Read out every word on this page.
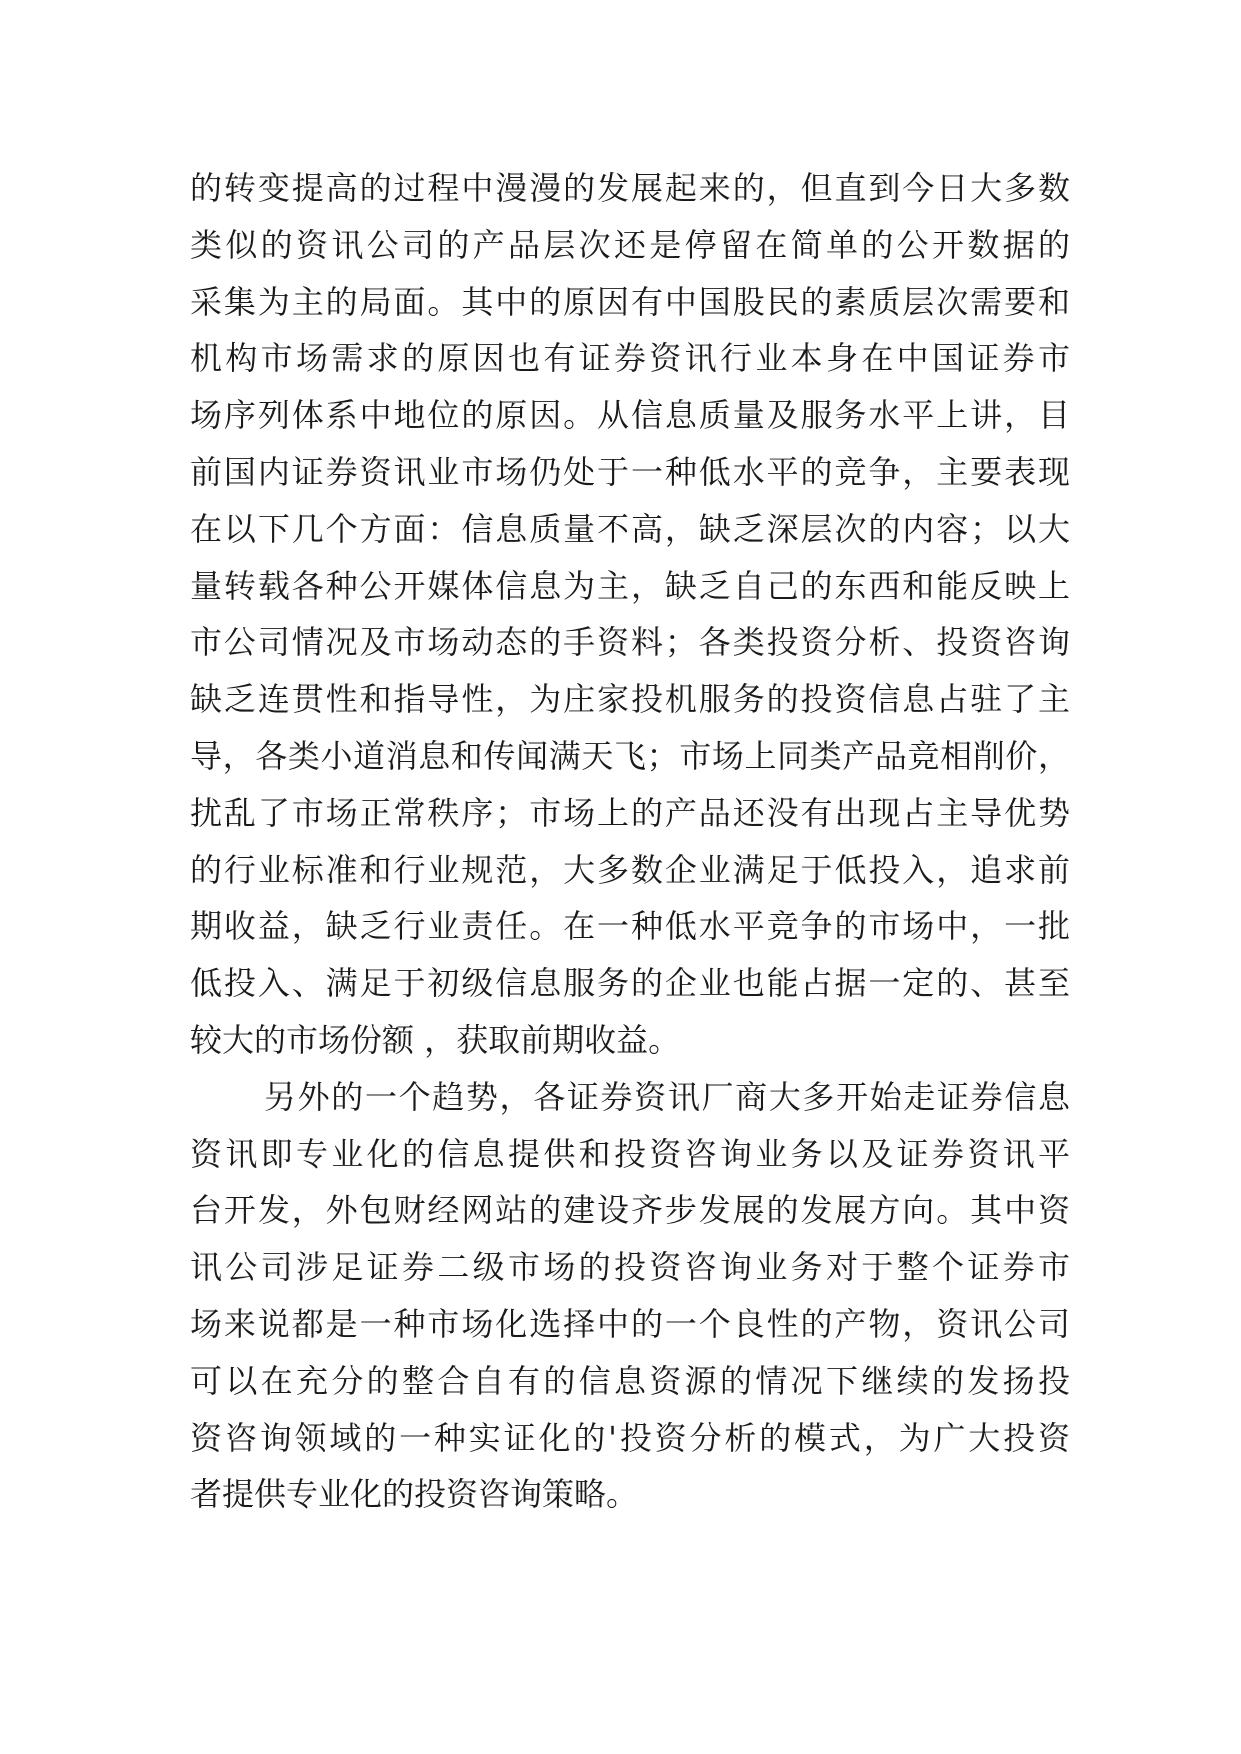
的转变提高的过程中漫漫的发展起来的，但直到今日大多数
类似的资讯公司的产品层次还是停留在简单的公开数据的
采集为主的局面。其中的原因有中国股民的素质层次需要和
机构市场需求的原因也有证券资讯行业本身在中国证券市
场序列体系中地位的原因。从信息质量及服务水平上讲，目
前国内证券资讯业市场仍处于一种低水平的竞争，主要表现
在以下几个方面：信息质量不高，缺乏深层次的内容；以大
量转载各种公开媒体信息为主，缺乏自己的东西和能反映上
市公司情况及市场动态的手资料；各类投资分析、投资咨询
缺乏连贯性和指导性，为庄家投机服务的投资信息占驻了主
导，各类小道消息和传闻满天飞；市场上同类产品竞相削价，
扰乱了市场正常秩序；市场上的产品还没有出现占主导优势
的行业标准和行业规范，大多数企业满足于低投入，追求前
期收益，缺乏行业责任。在一种低水平竞争的市场中，一批
低投入、满足于初级信息服务的企业也能占据一定的、甚至
较大的市场份额 ，获取前期收益。
另外的一个趋势，各证券资讯厂商大多开始走证券信息
资讯即专业化的信息提供和投资咨询业务以及证券资讯平
台开发，外包财经网站的建设齐步发展的发展方向。其中资
讯公司涉足证券二级市场的投资咨询业务对于整个证券市
场来说都是一种市场化选择中的一个良性的产物，资讯公司
可以在充分的整合自有的信息资源的情况下继续的发扬投
资咨询领域的一种实证化的'投资分析的模式，为广大投资
者提供专业化的投资咨询策略。
